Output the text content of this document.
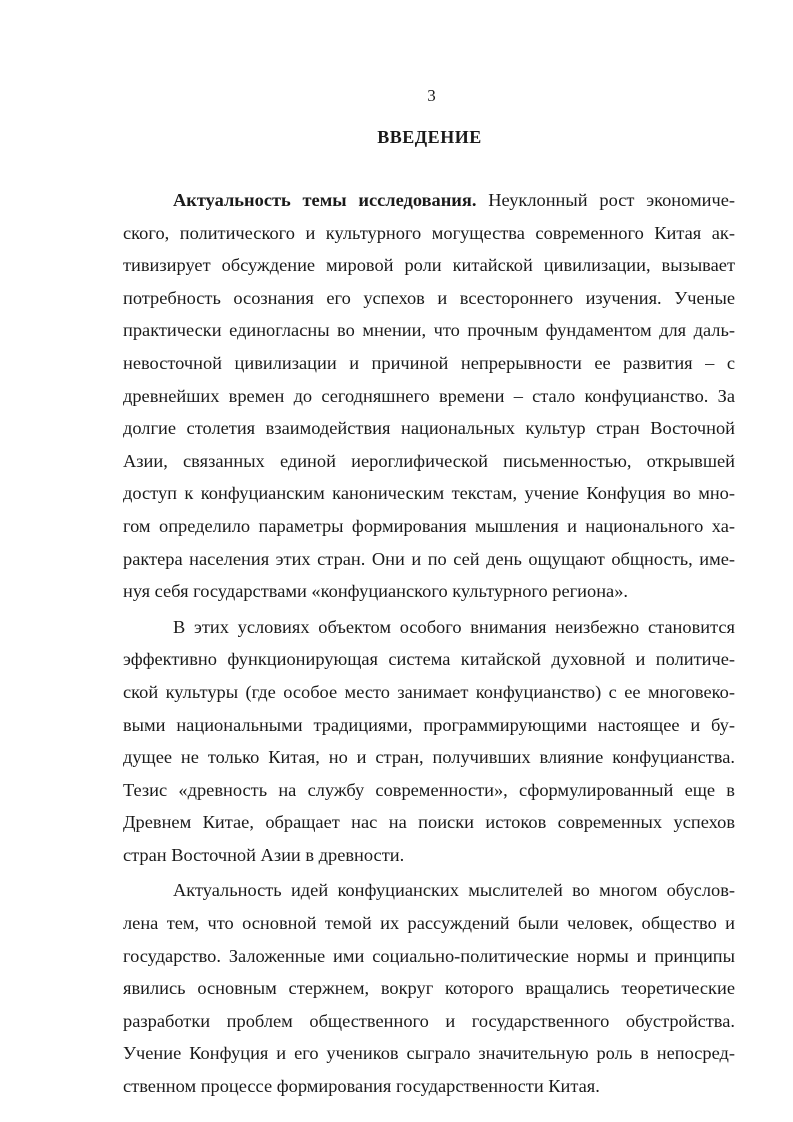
3
ВВЕДЕНИЕ

Актуальность темы исследования. Неуклонный рост экономиче-
ского, политического и культурного могущества современного Китая ак-
тивизирует обсуждение мировой роли китайской цивилизации, вызывает
потребность осознания его успехов и всестороннего изучения. Ученые
практически единогласны во мнении, что прочным фундаментом для даль-
невосточной цивилизации и причиной непрерывности ее развития – с
древнейших времен до сегодняшнего времени – стало конфуцианство. За
долгие столетия взаимодействия национальных культур стран Восточной
Азии, связанных единой иероглифической письменностью, открывшей
доступ к конфуцианским каноническим текстам, учение Конфуция во мно-
гом определило параметры формирования мышления и национального ха-
рактера населения этих стран. Они и по сей день ощущают общность, име-
нуя себя государствами «конфуцианского культурного региона».

В этих условиях объектом особого внимания неизбежно становится
эффективно функционирующая система китайской духовной и политиче-
ской культуры (где особое место занимает конфуцианство) с ее многовеко-
выми национальными традициями, программирующими настоящее и бу-
дущее не только Китая, но и стран, получивших влияние конфуцианства.
Тезис «древность на службу современности», сформулированный еще в
Древнем Китае, обращает нас на поиски истоков современных успехов
стран Восточной Азии в древности.

Актуальность идей конфуцианских мыслителей во многом обуслов-
лена тем, что основной темой их рассуждений были человек, общество и
государство. Заложенные ими социально-политические нормы и принципы
явились основным стержнем, вокруг которого вращались теоретические
разработки проблем общественного и государственного обустройства.
Учение Конфуция и его учеников сыграло значительную роль в непосред-
ственном процессе формирования государственности Китая.
